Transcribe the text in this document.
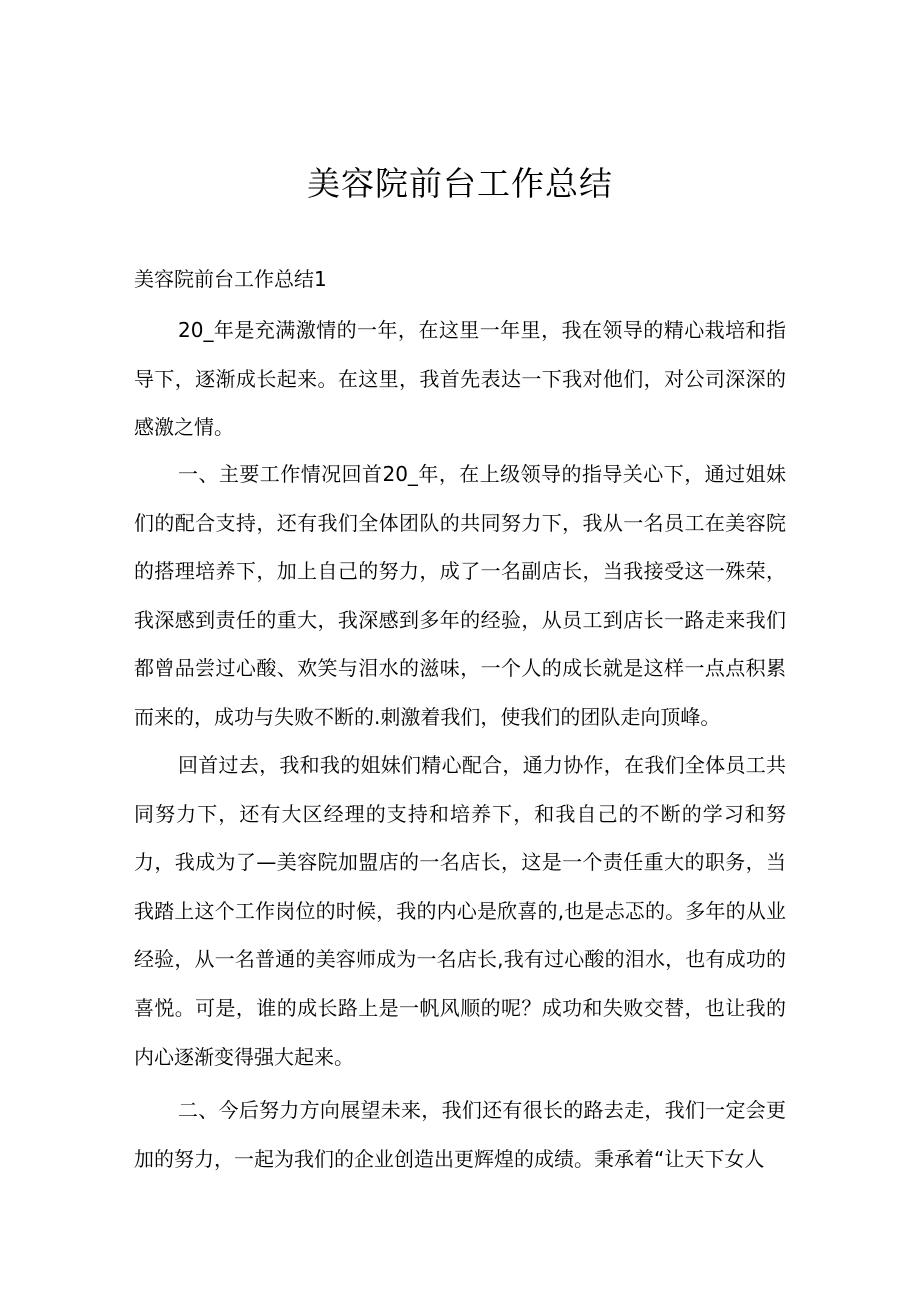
美容院前台工作总结

美容院前台工作总结1

20_年是充满激情的一年，在这里一年里，我在领导的精心栽培和指导下，逐渐成长起来。在这里，我首先表达一下我对他们，对公司深深的感激之情。

一、主要工作情况回首20_年，在上级领导的指导关心下，通过姐妹们的配合支持，还有我们全体团队的共同努力下，我从一名员工在美容院的搭理培养下，加上自己的努力，成了一名副店长，当我接受这一殊荣，我深感到责任的重大，我深感到多年的经验，从员工到店长一路走来我们都曾品尝过心酸、欢笑与泪水的滋味，一个人的成长就是这样一点点积累而来的，成功与失败不断的.刺激着我们，使我们的团队走向顶峰。

回首过去，我和我的姐妹们精心配合，通力协作，在我们全体员工共同努力下，还有大区经理的支持和培养下，和我自己的不断的学习和努力，我成为了—美容院加盟店的一名店长，这是一个责任重大的职务，当我踏上这个工作岗位的时候，我的内心是欣喜的,也是忐忑的。多年的从业经验，从一名普通的美容师成为一名店长,我有过心酸的泪水，也有成功的喜悦。可是，谁的成长路上是一帆风顺的呢？成功和失败交替，也让我的内心逐渐变得强大起来。

二、今后努力方向展望未来，我们还有很长的路去走，我们一定会更加的努力，一起为我们的企业创造出更辉煌的成绩。秉承着“让天下女人
